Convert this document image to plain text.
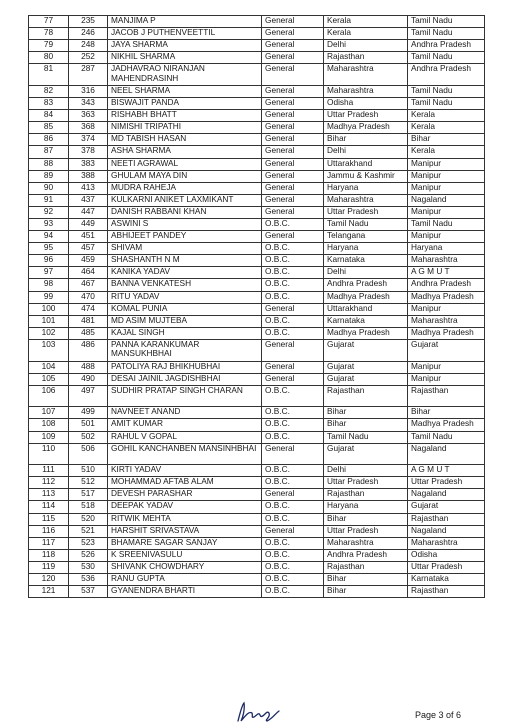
77	235	MANJIMA P	General	Kerala	Tamil Nadu
78	246	JACOB J PUTHENVEETTIL	General	Kerala	Tamil Nadu
79	248	JAYA SHARMA	General	Delhi	Andhra Pradesh
80	252	NIKHIL SHARMA	General	Rajasthan	Tamil Nadu
81	287	JADHAVRAO NIRANJAN MAHENDRASINH	General	Maharashtra	Andhra Pradesh
82	316	NEEL SHARMA	General	Maharashtra	Tamil Nadu
83	343	BISWAJIT PANDA	General	Odisha	Tamil Nadu
84	363	RISHABH BHATT	General	Uttar Pradesh	Kerala
85	368	NIMISHI TRIPATHI	General	Madhya Pradesh	Kerala
86	374	MD TABISH HASAN	General	Bihar	Bihar
87	378	ASHA SHARMA	General	Delhi	Kerala
88	383	NEETI AGRAWAL	General	Uttarakhand	Manipur
89	388	GHULAM MAYA DIN	General	Jammu & Kashmir	Manipur
90	413	MUDRA RAHEJA	General	Haryana	Manipur
91	437	KULKARNI ANIKET LAXMIKANT	General	Maharashtra	Nagaland
92	447	DANISH RABBANI KHAN	General	Uttar Pradesh	Manipur
93	449	ASWINI S	O.B.C.	Tamil Nadu	Tamil Nadu
94	451	ABHIJEET PANDEY	General	Telangana	Manipur
95	457	SHIVAM	O.B.C.	Haryana	Haryana
96	459	SHASHANTH N M	O.B.C.	Karnataka	Maharashtra
97	464	KANIKA YADAV	O.B.C.	Delhi	A G M U T
98	467	BANNA VENKATESH	O.B.C.	Andhra Pradesh	Andhra Pradesh
99	470	RITU YADAV	O.B.C.	Madhya Pradesh	Madhya Pradesh
100	474	KOMAL PUNIA	General	Uttarakhand	Manipur
101	481	MD ASIM MUJTEBA	O.B.C.	Karnataka	Maharashtra
102	485	KAJAL SINGH	O.B.C.	Madhya Pradesh	Madhya Pradesh
103	486	PANNA KARANKUMAR MANSUKHBHAI	General	Gujarat	Gujarat
104	488	PATOLIYA RAJ BHIKHUBHAI	General	Gujarat	Manipur
105	490	DESAI JAINIL JAGDISHBHAI	General	Gujarat	Manipur
106	497	SUDHIR PRATAP SINGH CHARAN	O.B.C.	Rajasthan	Rajasthan
107	499	NAVNEET ANAND	O.B.C.	Bihar	Bihar
108	501	AMIT KUMAR	O.B.C.	Bihar	Madhya Pradesh
109	502	RAHUL V GOPAL	O.B.C.	Tamil Nadu	Tamil Nadu
110	506	GOHIL KANCHANBEN MANSINHBHAI	General	Gujarat	Nagaland
111	510	KIRTI YADAV	O.B.C.	Delhi	A G M U T
112	512	MOHAMMAD AFTAB ALAM	O.B.C.	Uttar Pradesh	Uttar Pradesh
113	517	DEVESH PARASHAR	General	Rajasthan	Nagaland
114	518	DEEPAK YADAV	O.B.C.	Haryana	Gujarat
115	520	RITWIK MEHTA	O.B.C.	Bihar	Rajasthan
116	521	HARSHIT SRIVASTAVA	General	Uttar Pradesh	Nagaland
117	523	BHAMARE SAGAR SANJAY	O.B.C.	Maharashtra	Maharashtra
118	526	K SREENIVASULU	O.B.C.	Andhra Pradesh	Odisha
119	530	SHIVANK CHOWDHARY	O.B.C.	Rajasthan	Uttar Pradesh
120	536	RANU GUPTA	O.B.C.	Bihar	Karnataka
121	537	GYANENDRA BHARTI	O.B.C.	Bihar	Rajasthan
Page 3 of 6
